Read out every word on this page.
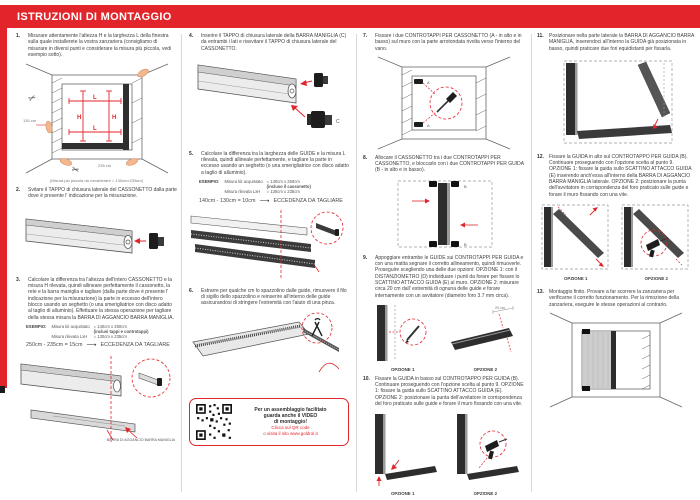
ISTRUZIONI DI MONTAGGIO
1.	Misurare attentamente l'altezza H e la larghezza L della finestra sulla quale installerete la vostra zanzariera (consigliamo di misurare in diversi punti e considerare la misura più piccola, vedi esempio sotto).
L
L
H	H
130 cm
235 cm
✂
✂
(Misura più piccola da considerare = 130cm×235cm)
2.	Svitare il TAPPO di chiusura laterale del CASSONETTO dalla parte dove è presente l' indicazione per la misurazione.
3.	Calcolare la differenza tra l'altezza dell'intero CASSONETTO e la misura H rilevata, quindi allineare perfettamente il cassonetto, la rete e la barra maniglia e tagliare (dalla parte dove è presente l' indicazione per la misurazione) la parte in eccesso dell'intero blocco usando un seghetto (o una smerigliatrice con disco adatto al taglio di alluminio). Effettuare la stessa operazione per tagliare della stessa misura la BARRA DI AGGANCIO BARRA MANIGLIA.
ESEMPIO: Misura kit acquistato = 140cm x 250cm
(inclusi tappi e controtappi)
Misura rilevata LxH	= 130cm x 235cm
250cm - 235cm = 15cm ⟶ ECCEDENZA DA TAGLIARE
BARRA DI AGGANCIO BARRA MANIGLIA
4.	Inserire il TAPPO di chiusura laterale della BARRA MANIGLIA (C) da entrambi i lati e riavvitare il TAPPO di chiusura laterale del CASSONETTO.
C
5.	Calcolare la differenza tra la larghezza delle GUIDE e la misura L rilevata, quindi allineale perfettamente, e tagliare la parte in eccesso usando un seghetto (o una smerigliatrice con disco adatto a taglio di alluminio).
ESEMPIO: Misura kit acquistato = 140cm x 250cm
(incluso il cassonetto)
Misura rilevata LxH	= 130cm x 235cm
140cm - 130cm = 10cm ⟶ ECCEDENZA DA TAGLIARE
6.	Estrarre per qualche cm lo spazzolino dalle guide, rimuovere il filo di sigillo dello spazzolino e reinserire all'interno delle guide assicurandosi di stringere l'estremità con l'aiuto di una pinza.
Per un assemblaggio facilitato
guarda anche il VIDEO
di montaggio!
Clicca sul QR code
o visita il sito www.goldrol.it
7.	Fissare i due CONTROTAPPI PER CASSONETTO (A - in alto e in basso) sul muro con la parte arrotondata rivolta verso l'interno del vano.
A
A
8.	Allocare il CASSONETTO tra i due CONTROTAPPI PER CASSONETTO, e bloccarlo con i due CONTROTAPPI PER GUIDA (B - in alto e in basso).
B
B
9.	Appoggiare entrambe le GUIDE sui CONTROTAPPI PER GUIDA e con una matita segnare il corretto allineamento, quindi rimuoverle. Proseguire scegliendo una delle due opzioni: OPZIONE 1: con il DISTANZIOMETRO (D) individuare i punti da forare per fissare lo SCATTINO ATTACCO GUIDA (E) al muro. OPZIONE 2: misurare circa 20 cm dall' estremità di ognuna delle guide e forare internamente con un avvitatore (diametro foro 3.7 mm circa).
OPZIONE 1
20 cm
OPZIONE 2
10.	Fissare la GUIDA in basso sul CONTROTAPPO PER GUIDA (B). Continuare proseguendo con l'opzione scelta al punto 9. OPZIONE 1: fissare la guida sullo SCATTINO ATTACCO GUIDA (E). OPZIONE 2: posizionare la punta dell'avvitatore in corrispondenza del foro praticato sulle guide e forare il muro fissando con una vite.
OPZIONE 1	OPZIONE 2
11.	Posizionare nella parte laterale la BARRA DI AGGANCIO BARRA MANIGLIA, inserendoci all'interno la GUIDA già posizionata in basso, quindi praticare due fori equidistanti per fissarla.
12.	Fissare la GUIDA in alto sul CONTROTAPPO PER GUIDA (B). Continuare proseguendo con l'opzione scelta al punto 9. OPZIONE 1: fissare la guida sullo SCATTINO ATTACCO GUIDA (E) inserendo anch'essa all'interno della BARRA DI AGGANCIO BARRA MANIGLIA laterale. OPZIONE 2: posizionare la punta dell'avvitatore in corrispondenza del foro praticato sulle guide e forare il muro fissando con una vite.
OPZIONE 1	OPZIONE 2
13.	Montaggio finito. Provare a far scorrere la zanzariera per verificarne il corretto funzionamento. Per la rimozione della zanzariera, eseguire le stesse operazioni al contrario.
